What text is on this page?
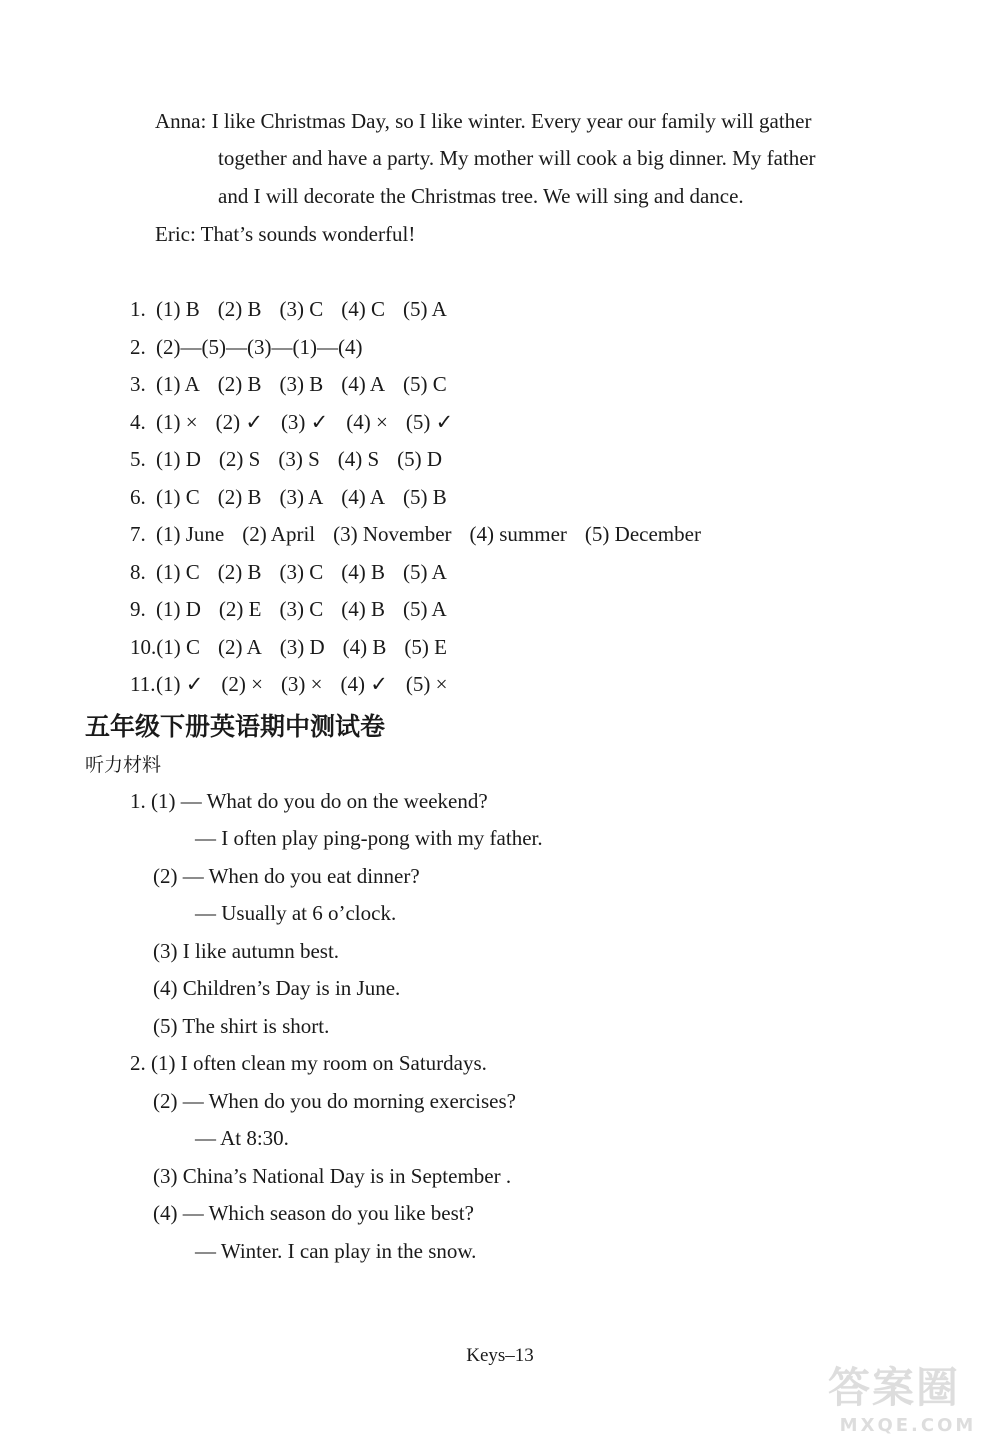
Anna: I like Christmas Day, so I like winter. Every year our family will gather
together and have a party. My mother will cook a big dinner. My father
and I will decorate the Christmas tree. We will sing and dance.
Eric: That’s sounds wonderful!
1. (1) B (2) B (3) C (4) C (5) A
2. (2)—(5)—(3)—(1)—(4)
3. (1) A (2) B (3) B (4) A (5) C
4. (1) × (2) ✓ (3) ✓ (4) × (5) ✓
5. (1) D (2) S (3) S (4) S (5) D
6. (1) C (2) B (3) A (4) A (5) B
7. (1) June (2) April (3) November (4) summer (5) December
8. (1) C (2) B (3) C (4) B (5) A
9. (1) D (2) E (3) C (4) B (5) A
10.(1) C (2) A (3) D (4) B (5) E
11.(1) ✓ (2) × (3) × (4) ✓ (5) ×
五年级下册英语期中测试卷
听力材料
1. (1) — What do you do on the weekend?
— I often play ping-pong with my father.
(2) — When do you eat dinner?
— Usually at 6 o’clock.
(3) I like autumn best.
(4) Children’s Day is in June.
(5) The shirt is short.
2. (1) I often clean my room on Saturdays.
(2) — When do you do morning exercises?
— At 8:30.
(3) China’s National Day is in September .
(4) — Which season do you like best?
— Winter. I can play in the snow.
Keys–13
答案圈
MXQE.COM
